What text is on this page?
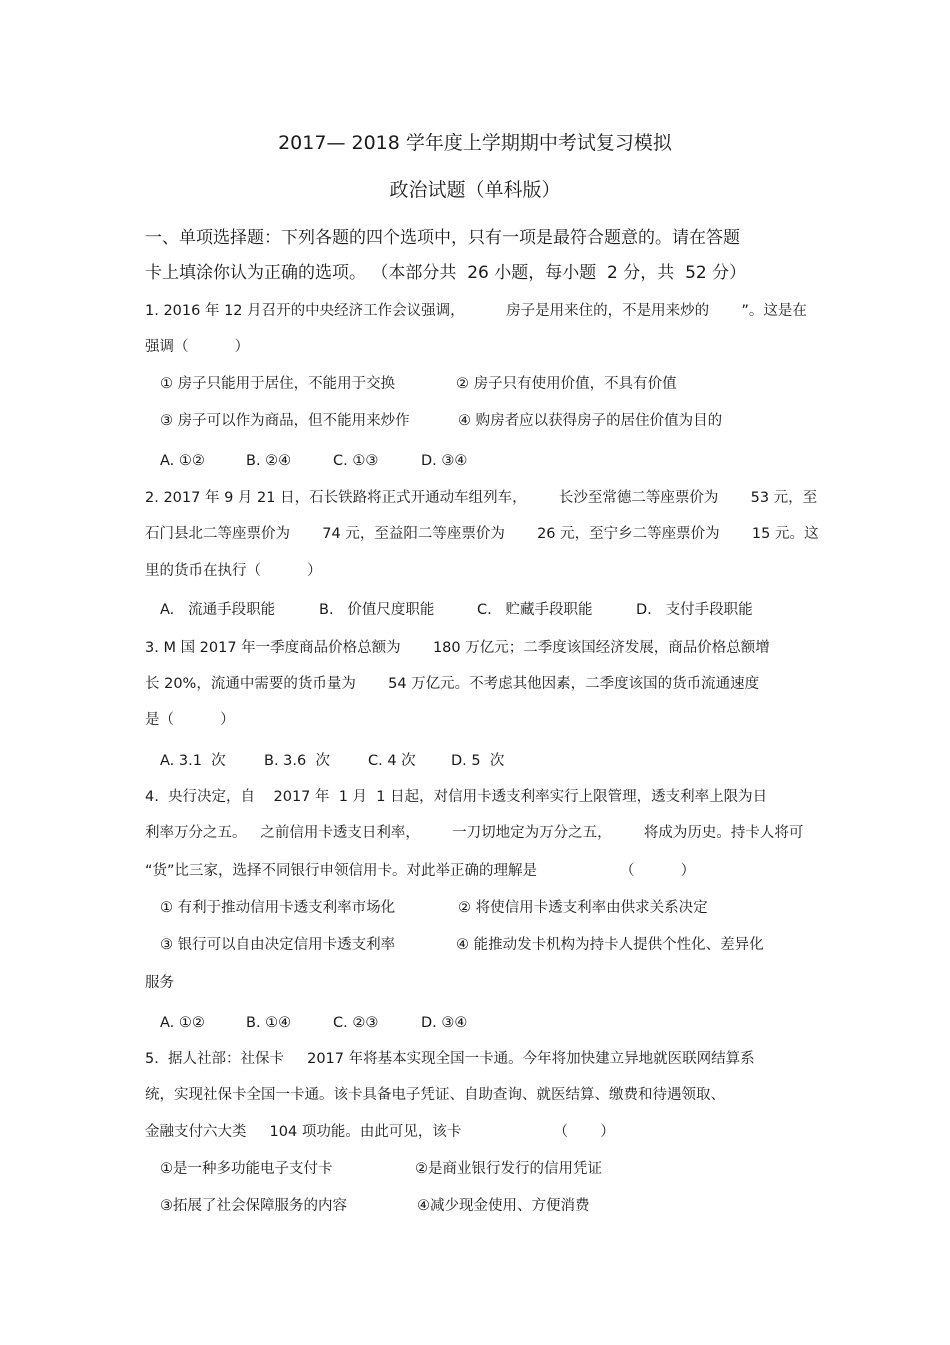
2017— 2018 学年度上学期期中考试复习模拟
政治试题（单科版）
一、单项选择题：下列各题的四个选项中，只有一项是最符合题意的。请在答题
卡上填涂你认为正确的选项。 （本部分共  26 小题，每小题  2 分，共  52 分）
1. 2016 年 12 月召开的中央经济工作会议强调，         房子是用来住的，不是用来炒的       ”。这是在
强调（          ）
① 房子只能用于居住，不能用于交换	② 房子只有使用价值，不具有价值
③ 房子可以作为商品，但不能用来炒作	④ 购房者应以获得房子的居住价值为目的
A. ①②	B. ②④	C. ①③	D. ③④
2. 2017 年 9 月 21 日，石长铁路将正式开通动车组列车，       长沙至常德二等座票价为       53 元，至
石门县北二等座票价为       74 元，至益阳二等座票价为       26 元，至宁乡二等座票价为       15 元。这
里的货币在执行（          ）
A.   流通手段职能	B.   价值尺度职能	C.   贮藏手段职能	D.   支付手段职能
3. M 国 2017 年一季度商品价格总额为       180 万亿元；二季度该国经济发展，商品价格总额增
长 20%，流通中需要的货币量为       54 万亿元。不考虑其他因素，二季度该国的货币流通速度
是（          ）
A. 3.1  次	B. 3.6  次	C. 4 次 D. 5  次
4.  央行决定，自    2017 年  1 月  1 日起，对信用卡透支利率实行上限管理，透支利率上限为日
利率万分之五。   之前信用卡透支日利率，       一刀切地定为万分之五，       将成为历史。持卡人将可
“货”比三家，选择不同银行申领信用卡。对此举正确的理解是                  （          ）
① 有利于推动信用卡透支利率市场化	② 将使信用卡透支利率由供求关系决定
③ 银行可以自由决定信用卡透支利率	④ 能推动发卡机构为持卡人提供个性化、差异化
服务
A. ①②	B. ①④	C. ②③	D. ③④
5.  据人社部：社保卡     2017 年将基本实现全国一卡通。今年将加快建立异地就医联网结算系
统，实现社保卡全国一卡通。该卡具备电子凭证、自助查询、就医结算、缴费和待遇领取、
金融支付六大类     104 项功能。由此可见，该卡                    （       ）
①是一种多功能电子支付卡	②是商业银行发行的信用凭证
③拓展了社会保障服务的内容	④减少现金使用、方便消费
